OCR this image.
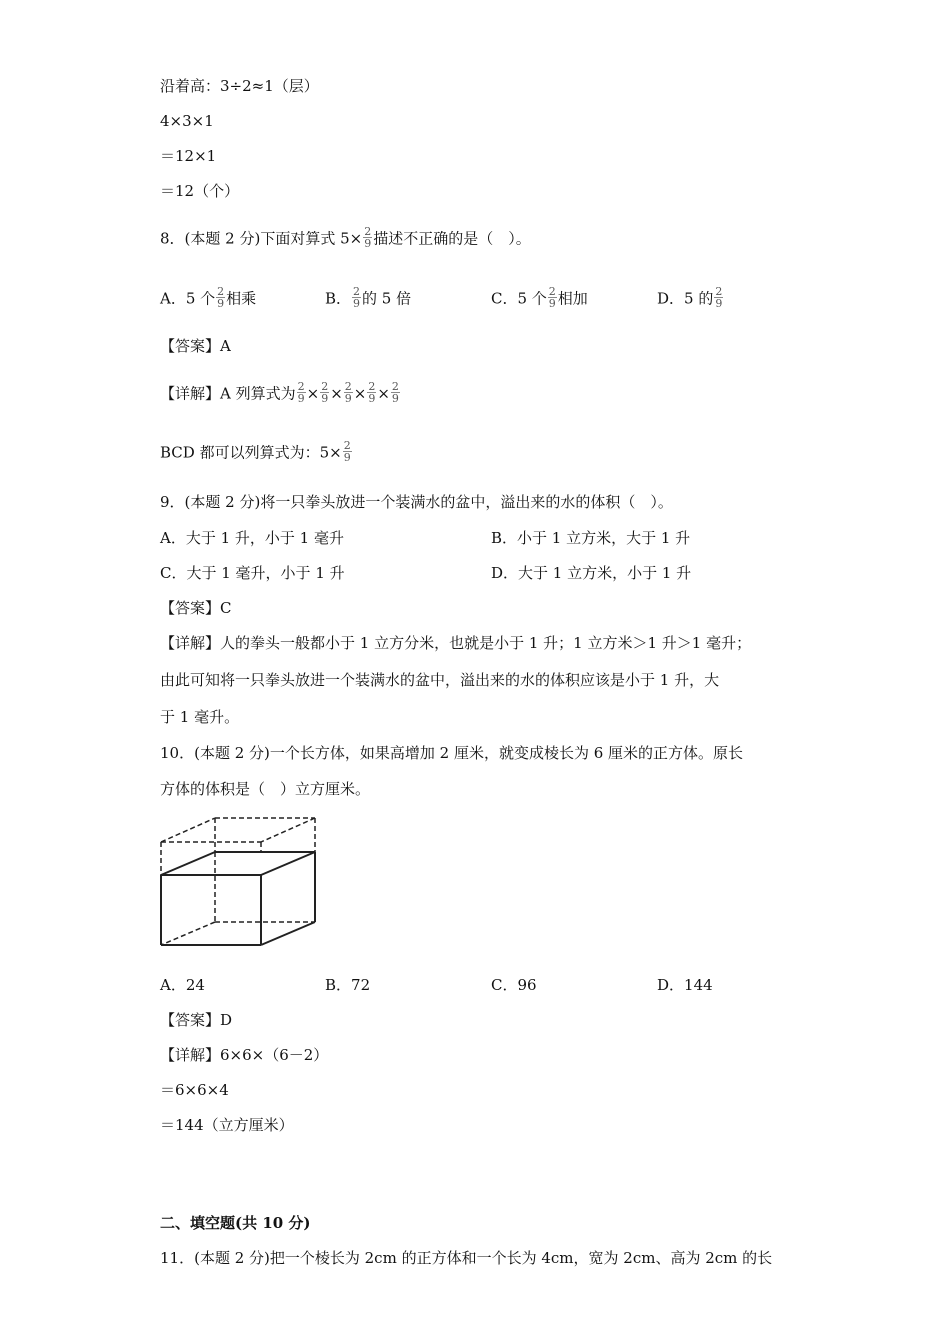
沿着高：3÷2≈1（层）
4×3×1
＝12×1
＝12（个）
8．(本题 2 分)下面对算式 $5\times \frac{2}{9}$ 描述不正确的是（　）。
A．5 个 $\frac{2}{9}$ 相乘	B． $\frac{2}{9}$ 的 5 倍	C．5 个 $\frac{2}{9}$ 相加	D．5 的 $\frac{2}{9}$
【答案】A
【详解】A 列算式为 $\frac{2}{9} \times \frac{2}{9} \times \frac{2}{9} \times \frac{2}{9} \times \frac{2}{9}$
BCD 都可以列算式为：$5\times \frac{2}{9}$
9．(本题 2 分)将一只拳头放进一个装满水的盆中，溢出来的水的体积（　）。
A．大于 1 升，小于 1 毫升	B．小于 1 立方米，大于 1 升
C．大于 1 毫升，小于 1 升	D．大于 1 立方米，小于 1 升
【答案】C
【详解】人的拳头一般都小于 1 立方分米，也就是小于 1 升；1 立方米＞1 升＞1 毫升；
由此可知将一只拳头放进一个装满水的盆中，溢出来的水的体积应该是小于 1 升，大
于 1 毫升。
10．(本题 2 分)一个长方体，如果高增加 2 厘米，就变成棱长为 6 厘米的正方体。原长
方体的体积是（　）立方厘米。
A．24	B．72	C．96	D．144
【答案】D
【详解】6×6×（6－2）
＝6×6×4
＝144（立方厘米）
二、填空题(共 10 分)
11．(本题 2 分)把一个棱长为 2cm 的正方体和一个长为 4cm，宽为 2cm、高为 2cm 的长
